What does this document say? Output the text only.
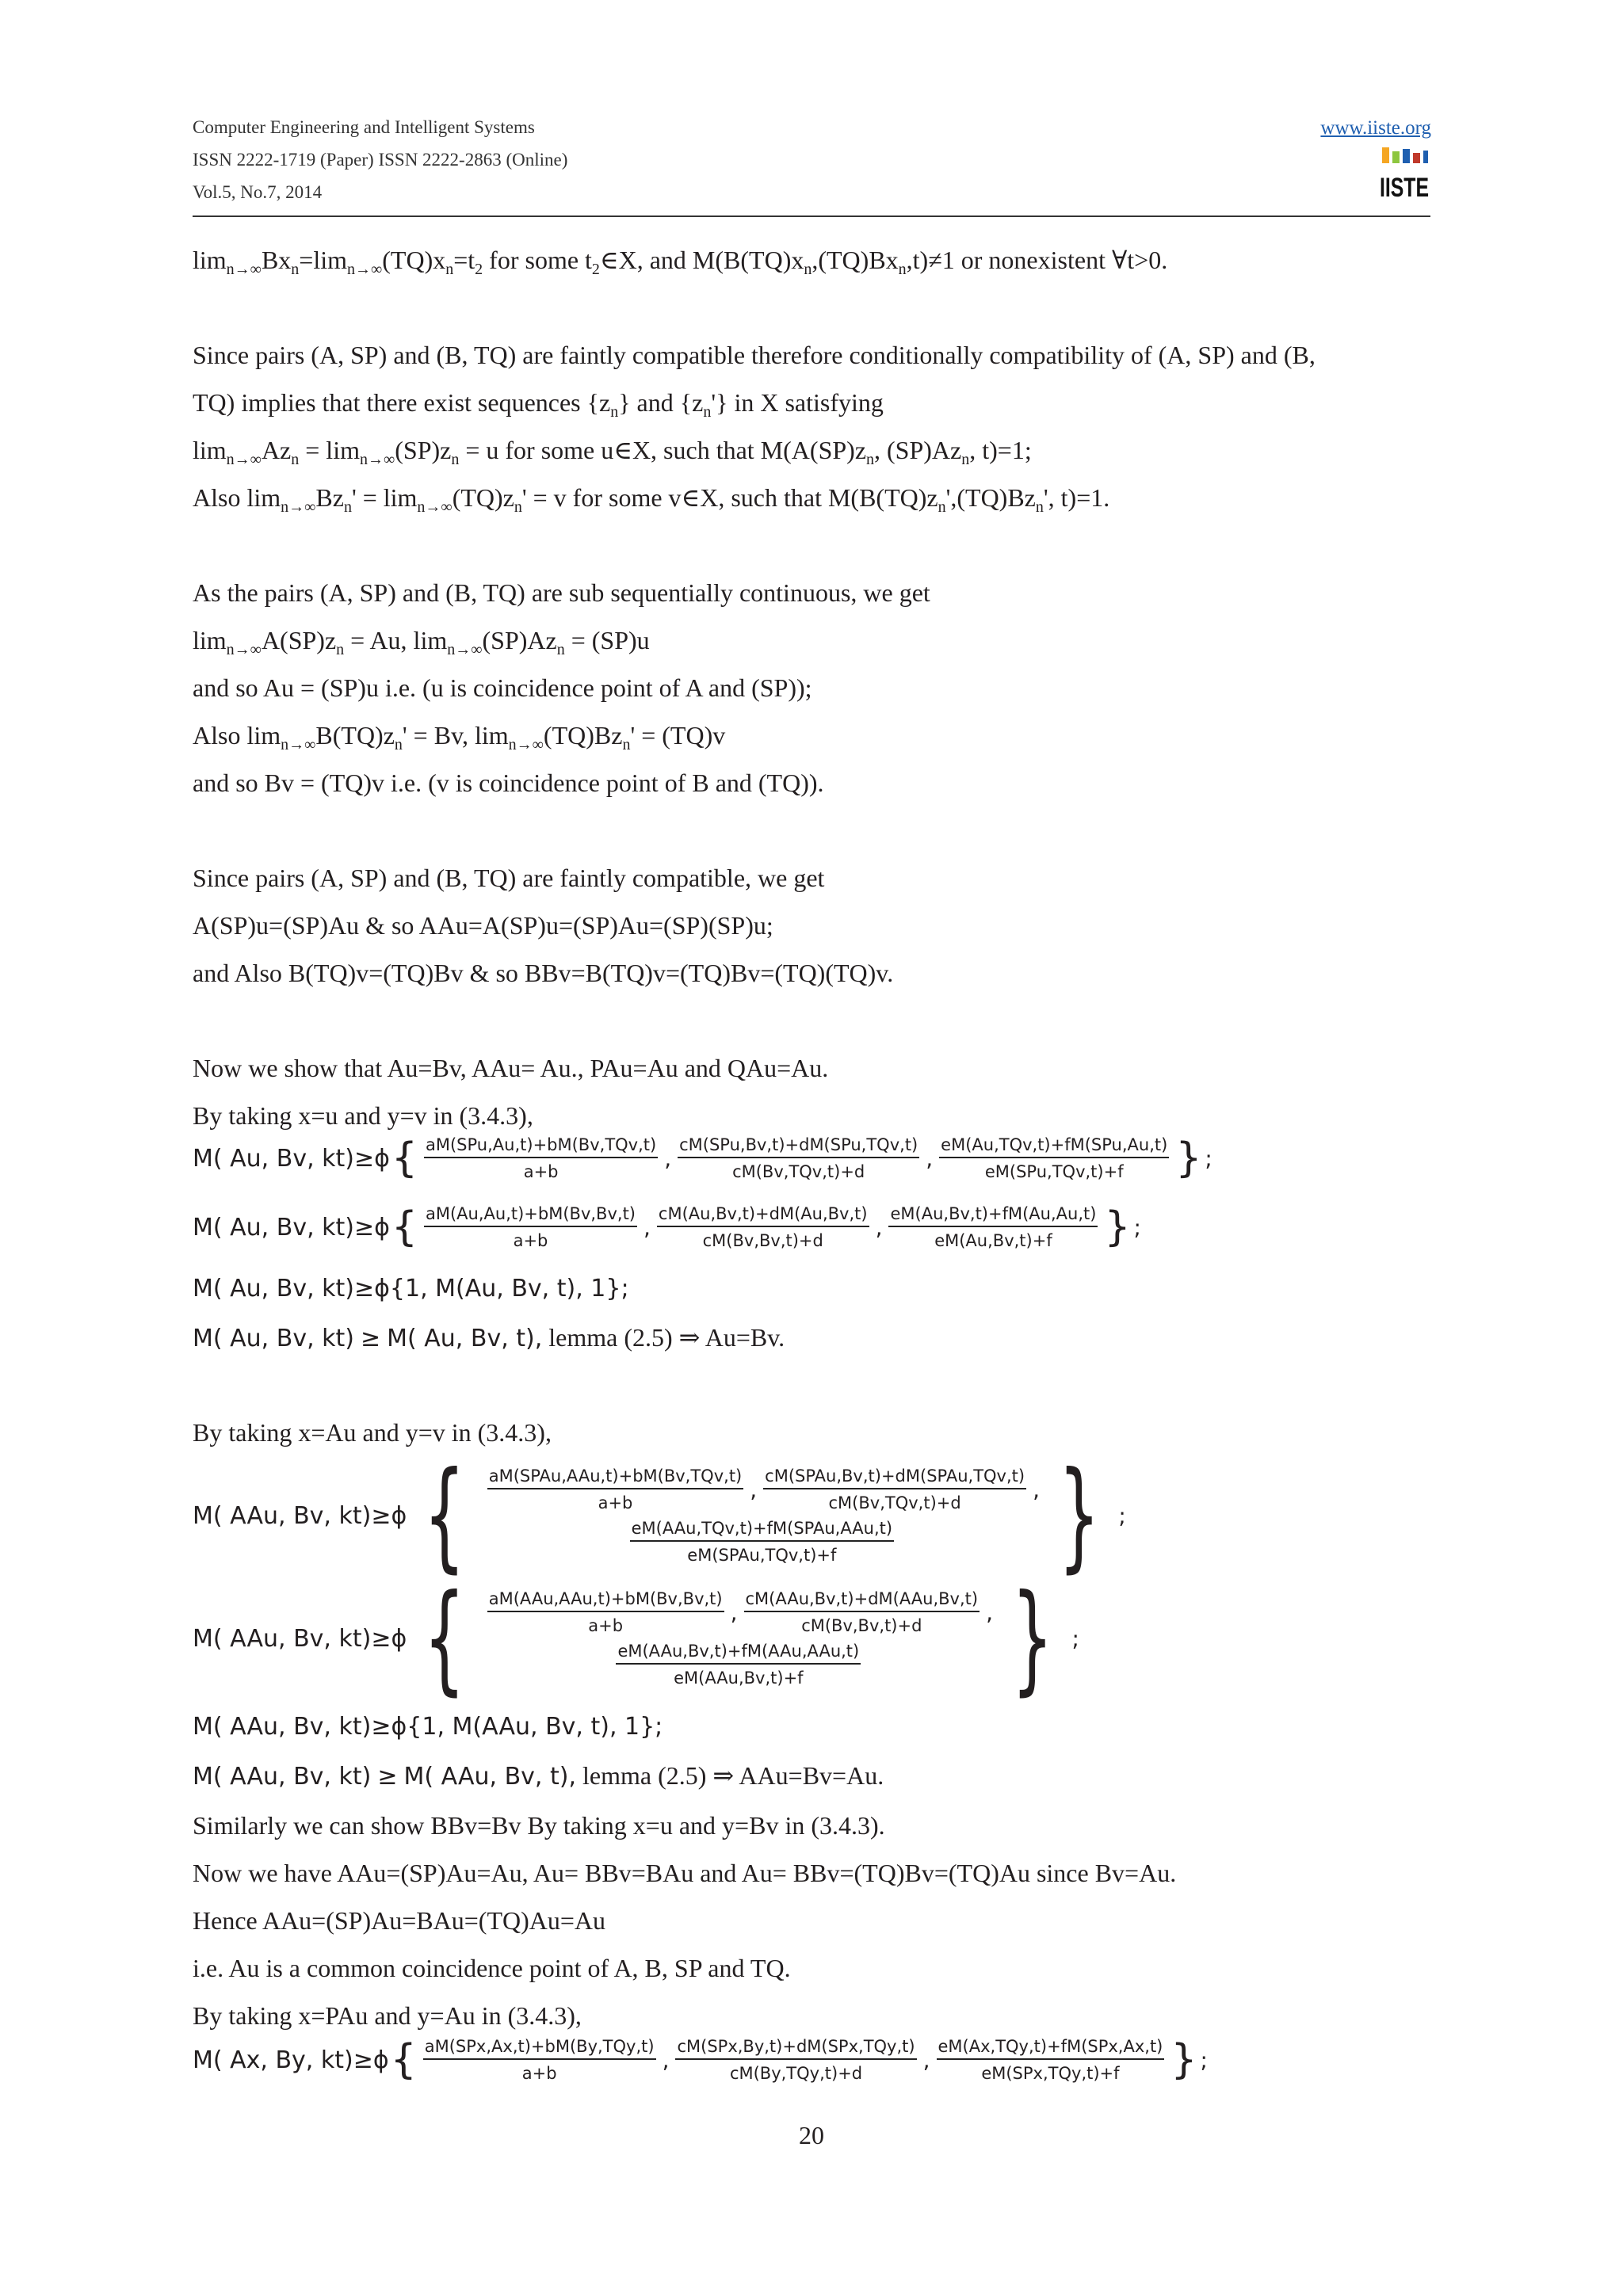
Computer Engineering and Intelligent Systems
ISSN 2222-1719 (Paper) ISSN 2222-2863 (Online)
Vol.5, No.7, 2014
www.iiste.org
IISTE
$\lim_{n\to\infty}Bx_n=\lim_{n\to\infty}(TQ)x_n=t_2$ for some $t_2\in X$, and $M(B(TQ)x_n,(TQ)Bx_n,t)\ne 1$ or nonexistent ∀t>0.
Since pairs (A, SP) and (B, TQ) are faintly compatible therefore conditionally compatibility of (A, SP) and (B,
TQ) implies that there exist sequences $\{z_n\}$ and $\{z_n'\}$ in X satisfying
$\lim_{n\to\infty}Az_n = \lim_{n\to\infty}(SP)z_n = u$ for some u∈X, such that $M(A(SP)z_n$, $(SP)Az_n$, t)=1;
Also $\lim_{n\to\infty}Bz_n' = \lim_{n\to\infty}(TQ)z_n' = v$ for some v∈X, such that $M(B(TQ)z_n',(TQ)Bz_n'$, t)=1.
As the pairs (A, SP) and (B, TQ) are sub sequentially continuous, we get
$\lim_{n\to\infty}A(SP)z_n = Au$, $\lim_{n\to\infty}(SP)Az_n = (SP)u$
and so Au = (SP)u i.e. (u is coincidence point of A and (SP));
Also $\lim_{n\to\infty}B(TQ)z_n' = Bv$, $\lim_{n\to\infty}(TQ)Bz_n' = (TQ)v$
and so Bv = (TQ)v i.e. (v is coincidence point of B and (TQ)).
Since pairs (A, SP) and (B, TQ) are faintly compatible, we get
A(SP)u=(SP)Au & so AAu=A(SP)u=(SP)Au=(SP)(SP)u;
and Also B(TQ)v=(TQ)Bv & so BBv=B(TQ)v=(TQ)Bv=(TQ)(TQ)v.
Now we show that Au=Bv, AAu= Au., PAu=Au and QAu=Au.
By taking x=u and y=v in (3.4.3),
M( Au, Bv, kt)≥ϕ { $\frac{\text{aM(SPu,Au,t)+bM(Bv,TQv,t)}}{a+b}$ , $\frac{\text{cM(SPu,Bv,t)+dM(SPu,TQv,t)}}{\text{cM(Bv,TQv,t)+d}}$ , $\frac{\text{eM(Au,TQv,t)+fM(SPu,Au,t)}}{\text{eM(SPu,TQv,t)+f}}$ } ;
M( Au, Bv, kt)≥ϕ { $\frac{aM(Au,Au,t)+bM(Bv,Bv,t)}{a+b}$ , $\frac{cM(Au,Bv,t)+dM(Au,Bv,t)}{cM(Bv,Bv,t)+d}$ , $\frac{eM(Au,Bv,t)+fM(Au,Au,t)}{eM(Au,Bv,t)+f}$ } ;
M( Au, Bv, kt)≥ϕ{1, M(Au, Bv, t), 1};
M( Au, Bv, kt) ≥ M( Au, Bv, t), lemma (2.5) ⇒ Au=Bv.
By taking x=Au and y=v in (3.4.3),
M( AAu, Bv, kt)≥ϕ { $\frac{\text{aM(SPAu,AAu,t)+bM(Bv,TQv,t)}}{a+b}$ , $\frac{\text{cM(SPAu,Bv,t)+dM(SPAu,TQv,t)}}{\text{cM(Bv,TQv,t)+d}}$ ,
$\frac{\text{eM(AAu,TQv,t)+fM(SPAu,AAu,t)}}{\text{eM(SPAu,TQv,t)+f}}$ } ;
M( AAu, Bv, kt)≥ϕ { $\frac{\text{aM(AAu,AAu,t)+bM(Bv,Bv,t)}}{a+b}$ , $\frac{\text{cM(AAu,Bv,t)+dM(AAu,Bv,t)}}{cM(Bv,Bv,t)+d}$ ,
$\frac{\text{eM(AAu,Bv,t)+fM(AAu,AAu,t)}}{\text{eM(AAu,Bv,t)+f}}$ } ;
M( AAu, Bv, kt)≥ϕ{1, M(AAu, Bv, t), 1};
M( AAu, Bv, kt) ≥ M( AAu, Bv, t), lemma (2.5) ⇒ AAu=Bv=Au.
Similarly we can show BBv=Bv By taking x=u and y=Bv in (3.4.3).
Now we have AAu=(SP)Au=Au, Au= BBv=BAu and Au= BBv=(TQ)Bv=(TQ)Au since Bv=Au.
Hence AAu=(SP)Au=BAu=(TQ)Au=Au
i.e. Au is a common coincidence point of A, B, SP and TQ.
By taking x=PAu and y=Au in (3.4.3),
M( Ax, By, kt)≥ϕ { $\frac{\text{aM(SPx,Ax,t)+bM(By,TQy,t)}}{a+b}$ , $\frac{\text{cM(SPx,By,t)+dM(SPx,TQy,t)}}{\text{cM(By,TQy,t)+d}}$ , $\frac{\text{eM(Ax,TQy,t)+fM(SPx,Ax,t)}}{\text{eM(SPx,TQy,t)+f}}$ } ;
20
